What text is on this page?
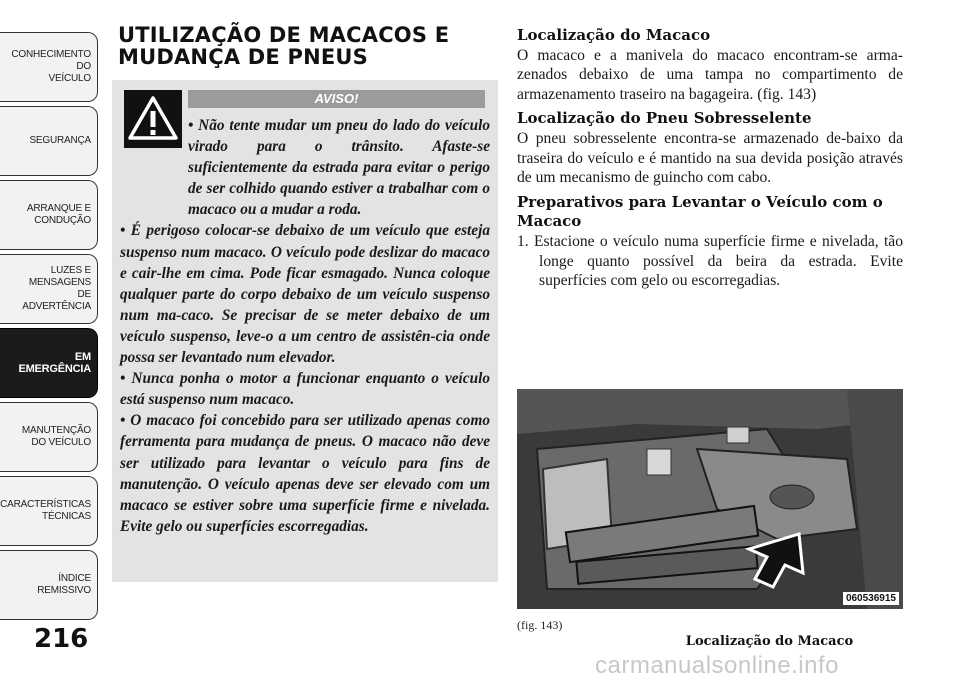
CONHECIMENTO
DO
VEÍCULO
SEGURANÇA
ARRANQUE E
CONDUÇÃO
LUZES E
MENSAGENS
DE
ADVERTÊNCIA
EM
EMERGÊNCIA
MANUTENÇÃO
DO VEÍCULO
CARACTERÍSTICAS
TÉCNICAS
ÍNDICE
REMISSIVO
216
UTILIZAÇÃO DE MACACOS E
MUDANÇA DE PNEUS
AVISO!

• Não tente mudar um pneu do lado do veículo virado para o trânsito. Afaste-se suficientemente da estrada para evitar o perigo de ser colhido quando estiver a trabalhar com o macaco ou a mudar a roda.

• É perigoso colocar-se debaixo de um veículo que esteja suspenso num macaco. O veículo pode deslizar do macaco e cair-lhe em cima. Pode ficar esmagado. Nunca coloque qualquer parte do corpo debaixo de um veículo suspenso num ma-caco. Se precisar de se meter debaixo de um veículo suspenso, leve-o a um centro de assistên-cia onde possa ser levantado num elevador.

• Nunca ponha o motor a funcionar enquanto o veículo está suspenso num macaco.

• O macaco foi concebido para ser utilizado apenas como ferramenta para mudança de pneus. O macaco não deve ser utilizado para levantar o veículo para fins de manutenção. O veículo apenas deve ser elevado com um macaco se estiver sobre uma superfície firme e nivelada. Evite gelo ou superfícies escorregadias.

Localização do Macaco

O macaco e a manivela do macaco encontram-se arma-zenados debaixo de uma tampa no compartimento de armazenamento traseiro na bagageira. (fig. 143)

Localização do Pneu Sobresselente

O pneu sobresselente encontra-se armazenado de-baixo da traseira do veículo e é mantido na sua devida posição através de um mecanismo de guincho com cabo.

Preparativos para Levantar o Veículo com o Macaco

1. Estacione o veículo numa superfície firme e nivelada, tão longe quanto possível da beira da estrada. Evite superfícies com gelo ou escorregadias.

060536915
(fig. 143)
Localização do Macaco
carmanualsonline.info
